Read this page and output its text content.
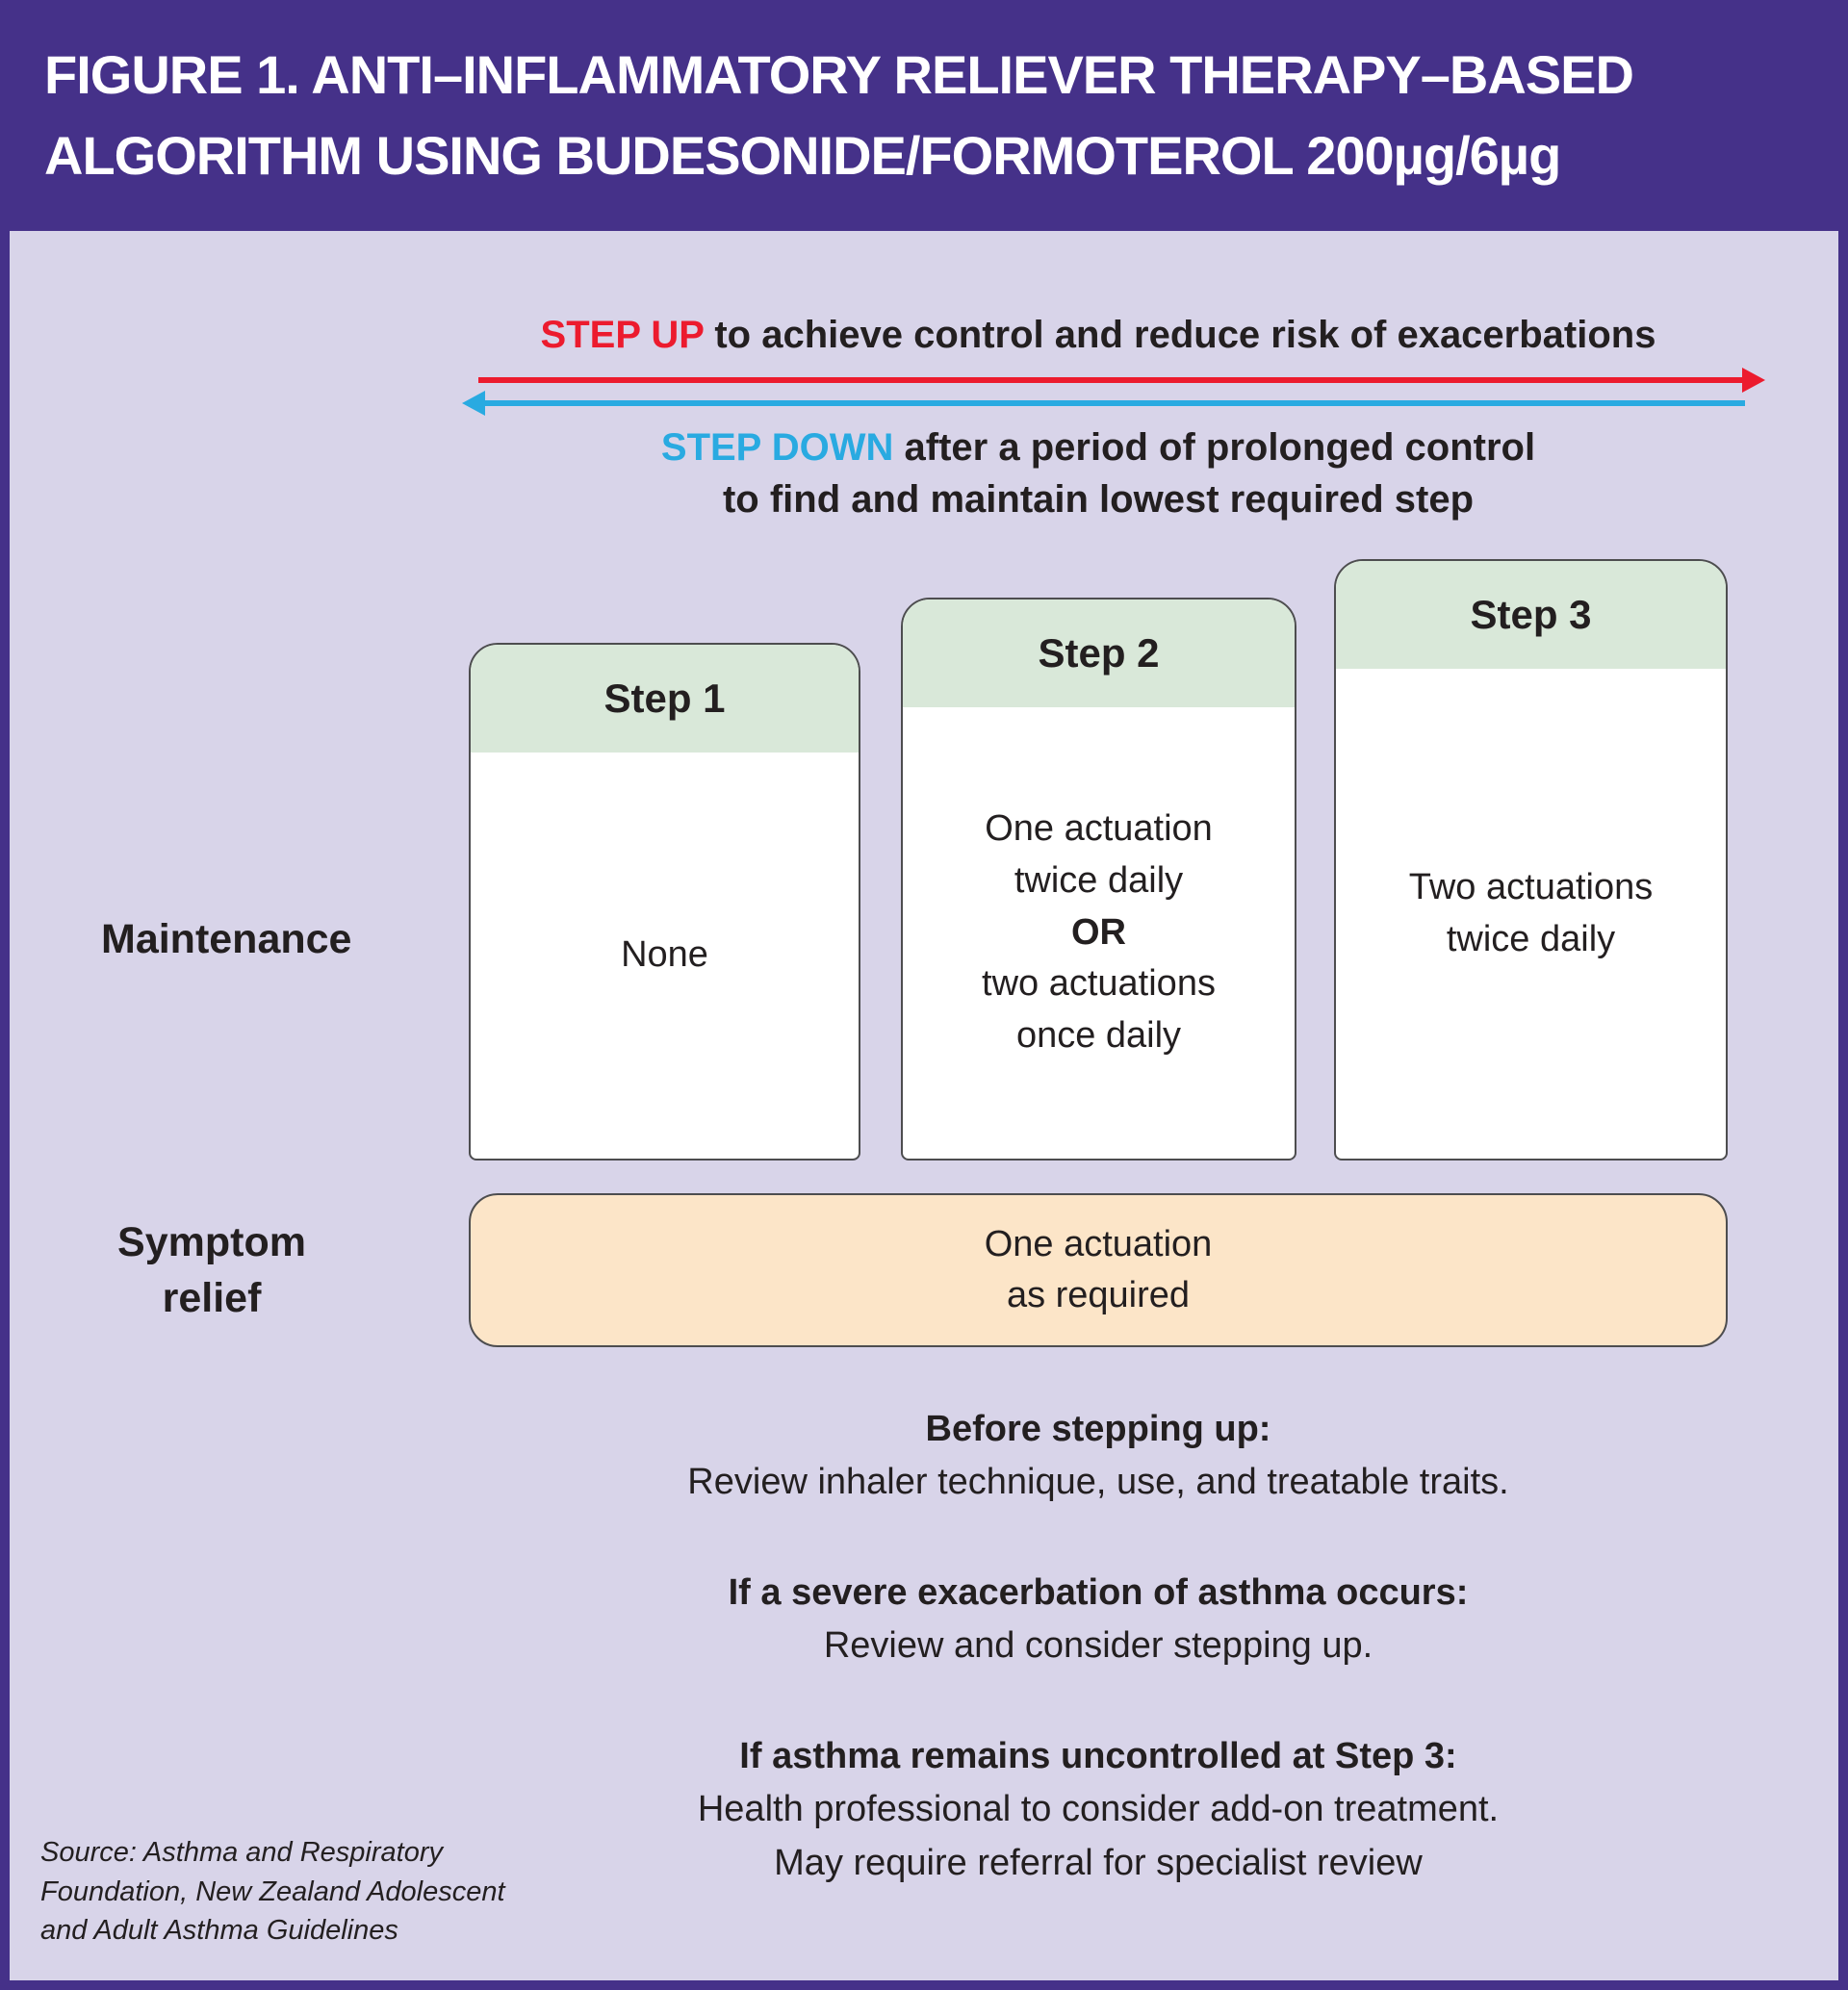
FIGURE 1. ANTI–INFLAMMATORY RELIEVER THERAPY–BASED
ALGORITHM USING BUDESONIDE/FORMOTEROL 200µg/6µg
STEP UP to achieve control and reduce risk of exacerbations
STEP DOWN after a period of prolonged control
to find and maintain lowest required step
Maintenance
Step 1
None
Step 2
One actuation
twice daily
OR
two actuations
once daily
Step 3
Two actuations
twice daily
Symptom
relief
One actuation
as required
Before stepping up:
Review inhaler technique, use, and treatable traits.
If a severe exacerbation of asthma occurs:
Review and consider stepping up.
If asthma remains uncontrolled at Step 3:
Health professional to consider add-on treatment.
May require referral for specialist review
Source: Asthma and Respiratory
Foundation, New Zealand Adolescent
and Adult Asthma Guidelines
